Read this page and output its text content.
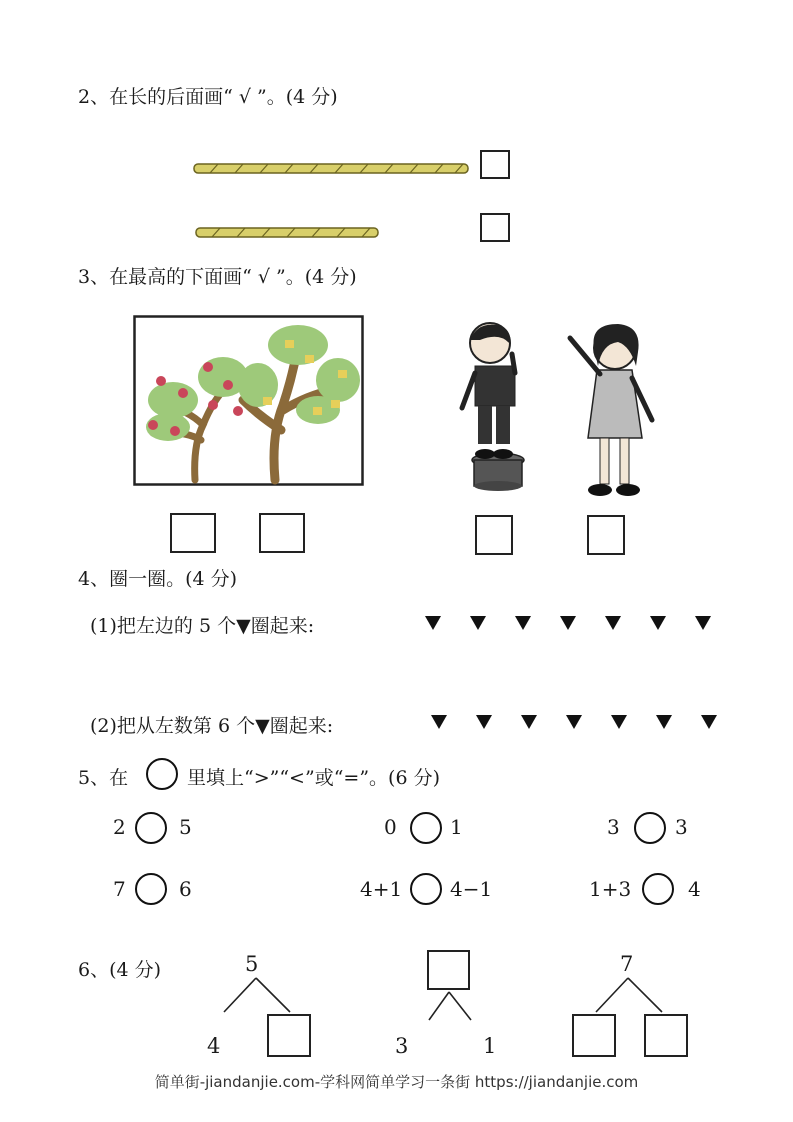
2、在长的后面画“ √ ”。(4 分)
3、在最高的下面画“ √ ”。(4 分)
4、圈一圈。(4 分)
(1)把左边的 5 个▼圈起来:
(2)把从左数第 6 个▼圈起来:
5、在	里填上“>”“<”或“=”。(6 分)
2	5	0	1	3	3
7	6	4+1 4−1	1+3	4
6、(4 分)	5
4	3	1
7
简单街-jiandanjie.com-学科网简单学习一条街 https://jiandanjie.com
